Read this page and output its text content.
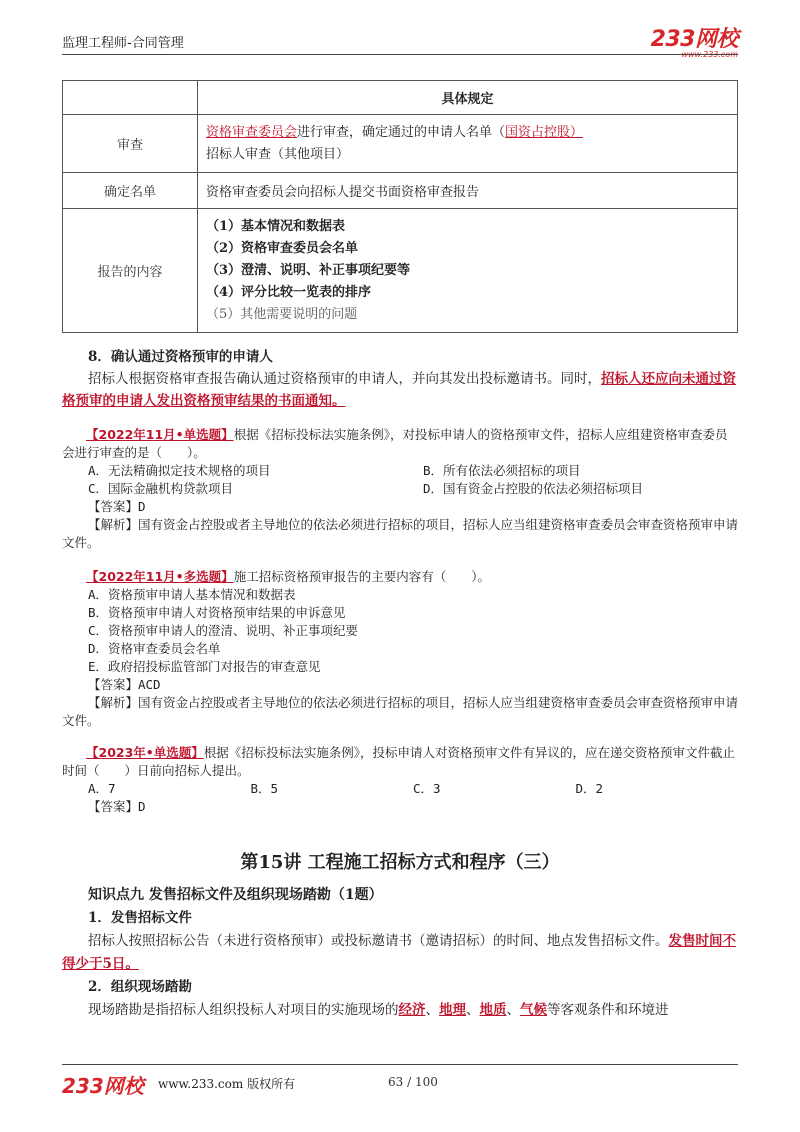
监理工程师-合同管理	233网校
www.233.com
	具体规定
审查	资格审查委员会进行审查，确定通过的申请人名单（国资占控股）
招标人审查（其他项目）

确定名单	资格审查委员会向招标人提交书面资格审查报告
报告的内容	（1）基本情况和数据表
（2）资格审查委员会名单
（3）澄清、说明、补正事项纪要等
（4）评分比较一览表的排序
（5）其他需要说明的问题
8．确认通过资格预审的申请人
招标人根据资格审查报告确认通过资格预审的申请人，并向其发出投标邀请书。同时，招标人还应向未通过资格预审的申请人发出资格预审结果的书面通知。
【2022年11月•单选题】根据《招标投标法实施条例》，对投标申请人的资格预审文件，招标人应组建资格审查委员会进行审查的是（　　）。
A．无法精确拟定技术规格的项目	B．所有依法必须招标的项目
C．国际金融机构贷款项目	D．国有资金占控股的依法必须招标项目
【答案】D
【解析】国有资金占控股或者主导地位的依法必须进行招标的项目，招标人应当组建资格审查委员会审查资格预审申请文件。
【2022年11月•多选题】施工招标资格预审报告的主要内容有（　　）。
A．资格预审申请人基本情况和数据表
B．资格预审申请人对资格预审结果的申诉意见
C．资格预审申请人的澄清、说明、补正事项纪要
D．资格审查委员会名单
E．政府招投标监管部门对报告的审查意见
【答案】ACD
【解析】国有资金占控股或者主导地位的依法必须进行招标的项目，招标人应当组建资格审查委员会审查资格预审申请文件。
【2023年•单选题】根据《招标投标法实施条例》，投标申请人对资格预审文件有异议的，应在递交资格预审文件截止时间（　　）日前向招标人提出。
A．7	B．5	C．3	D．2
【答案】D
第15讲 工程施工招标方式和程序（三）
知识点九 发售招标文件及组织现场踏勘（1题）
1．发售招标文件
招标人按照招标公告（未进行资格预审）或投标邀请书（邀请招标）的时间、地点发售招标文件。发售时间不得少于5日。
2．组织现场踏勘
现场踏勘是指招标人组织投标人对项目的实施现场的经济、地理、地质、气候等客观条件和环境进
233网校 www.233.com 版权所有	63 / 100
